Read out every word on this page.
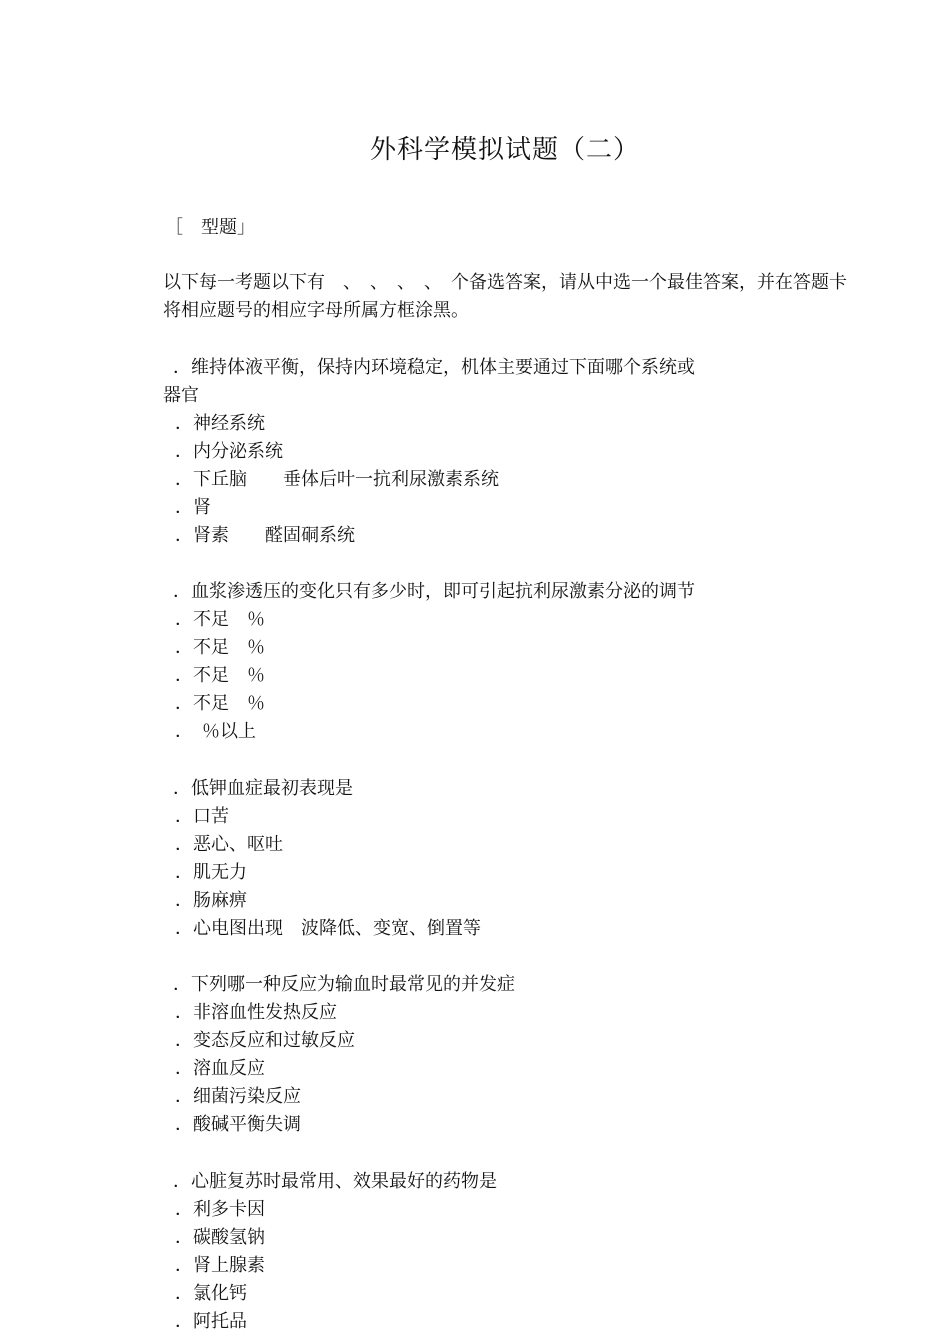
外科学模拟试题（二）
［　型题」
以下每一考题以下有　、　、　、　、　个备选答案，请从中选一个最佳答案，并在答题卡
将相应题号的相应字母所属方框涂黑。
．维持体液平衡，保持内环境稳定，机体主要通过下面哪个系统或
器官
．神经系统
．内分泌系统
．下丘脑　　垂体后叶一抗利尿激素系统
．肾
．肾素　　醛固硐系统
．血浆渗透压的变化只有多少时，即可引起抗利尿激素分泌的调节
．不足　％
．不足　％
．不足　％
．不足　％
．　％以上
．低钾血症最初表现是
．口苦
．恶心、呕吐
．肌无力
．肠麻痹
．心电图出现　波降低、变宽、倒置等
．下列哪一种反应为输血时最常见的并发症
．非溶血性发热反应
．变态反应和过敏反应
．溶血反应
．细菌污染反应
．酸碱平衡失调
．心脏复苏时最常用、效果最好的药物是
．利多卡因
．碳酸氢钠
．肾上腺素
．氯化钙
．阿托品
